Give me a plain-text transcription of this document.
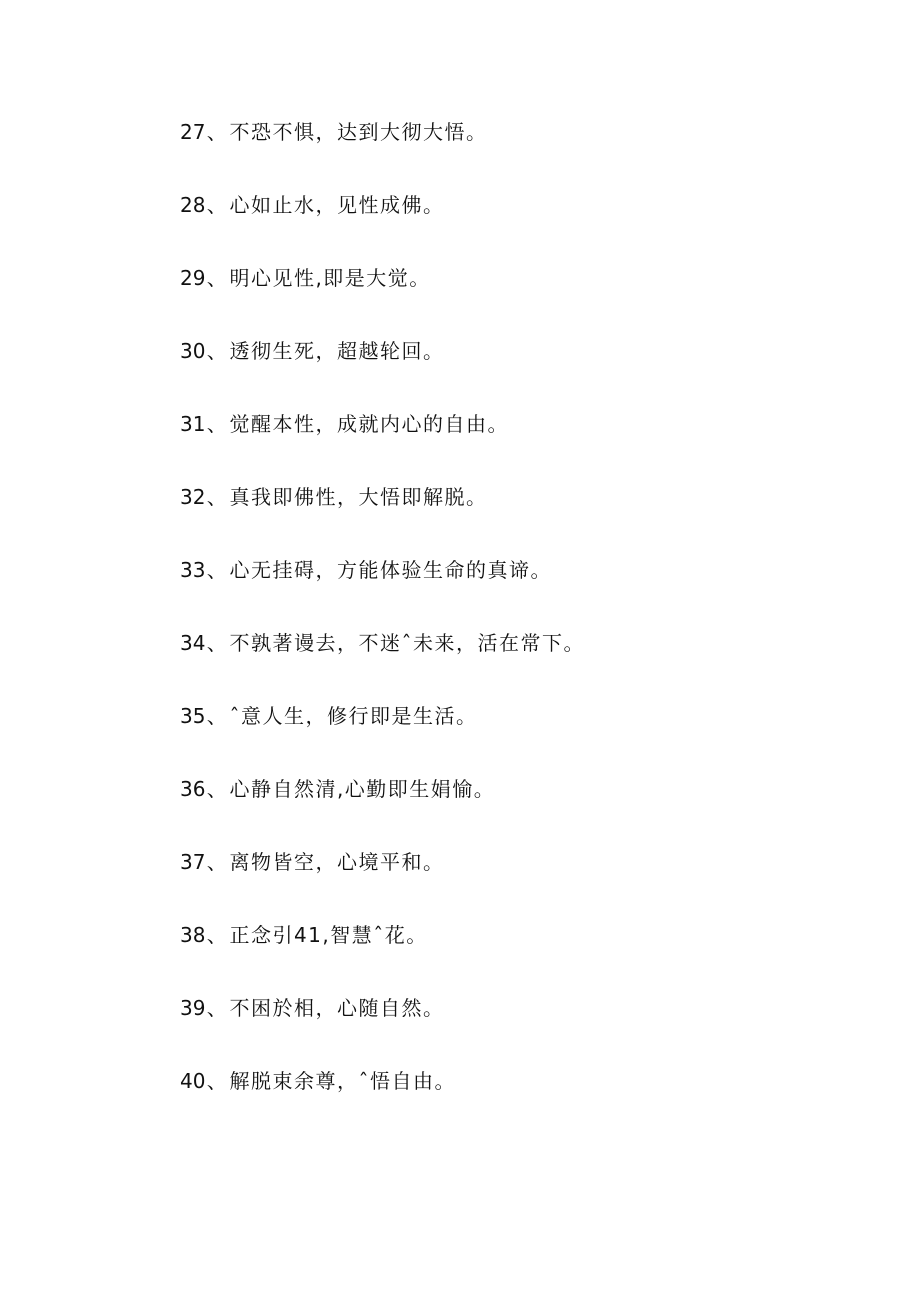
27 、 不恐不惧，达到大彻大悟。
28 、 心如止水，见性成佛。
29 、 明心见性,即是大觉。
30 、 透彻生死，超越轮回。
31 、 觉醒本性，成就内心的自由。
32 、 真我即佛性，大悟即解脱。
33 、 心无挂碍，方能体验生命的真谛。
34 、 不孰著谩去，不迷ˆ未来，活在常下。
35 、 ˆ意人生，修行即是生活。
36 、 心静自然清,心勤即生娟愉。
37 、 离物皆空，心境平和。
38 、 正念引41,智慧ˆ花。
39 、 不困於相，心随自然。
40 、 解脱束余尊，ˆ悟自由。
